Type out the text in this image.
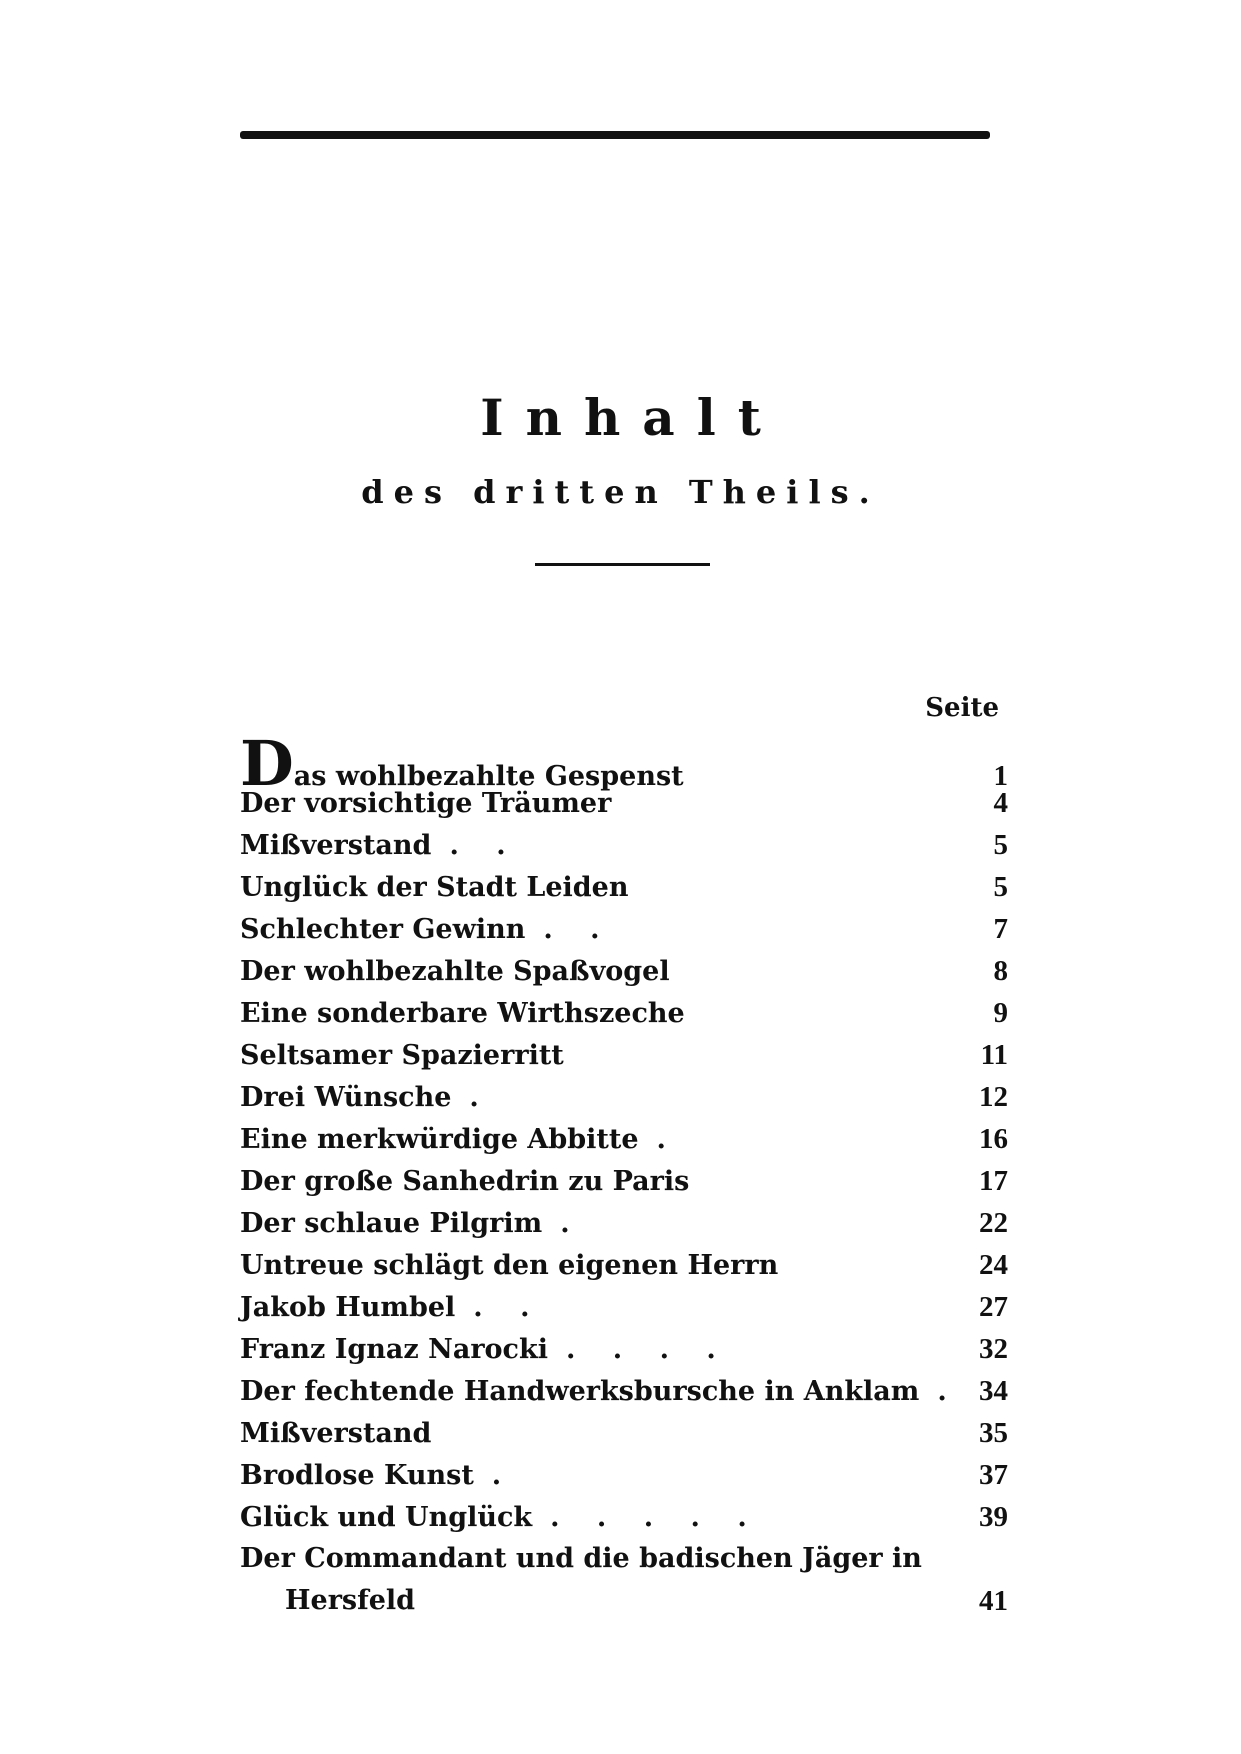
Inhalt
des dritten Theils.
Seite
Das wohlbezahlte Gespenst	1
Der vorsichtige Träumer	4
Mißverstand . .	5
Unglück der Stadt Leiden	5
Schlechter Gewinn . .	7
Der wohlbezahlte Spaßvogel	8
Eine sonderbare Wirthszeche	9
Seltsamer Spazierritt	11
Drei Wünsche .	12
Eine merkwürdige Abbitte .	16
Der große Sanhedrin zu Paris	17
Der schlaue Pilgrim .	22
Untreue schlägt den eigenen Herrn	24
Jakob Humbel . .	27
Franz Ignaz Narocki . . . .	32
Der fechtende Handwerksbursche in Anklam . 34
Mißverstand	35
Brodlose Kunst .	37
Glück und Unglück . . . . .	39
Der Commandant und die badischen Jäger in
Hersfeld	41
